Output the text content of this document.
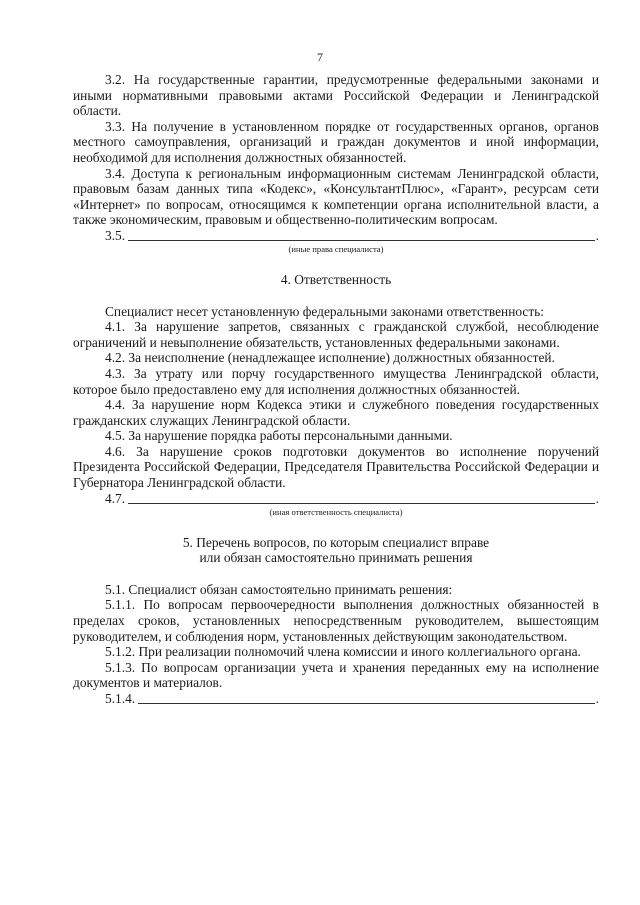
7

3.2. На государственные гарантии, предусмотренные федеральными законами и иными нормативными правовыми актами Российской Федерации и Ленинградской области.

3.3. На получение в установленном порядке от государственных органов, органов местного самоуправления, организаций и граждан документов и иной информации, необходимой для исполнения должностных обязанностей.

3.4. Доступа к региональным информационным системам Ленинградской области, правовым базам данных типа «Кодекс», «КонсультантПлюс», «Гарант», ресурсам сети «Интернет» по вопросам, относящимся к компетенции органа исполнительной власти, а также экономическим, правовым и общественно-политическим вопросам.

3.5.	.

(иные права специалиста)

4. Ответственность

Специалист несет установленную федеральными законами ответственность:

4.1. За нарушение запретов, связанных с гражданской службой, несоблюдение ограничений и невыполнение обязательств, установленных федеральными законами.

4.2. За неисполнение (ненадлежащее исполнение) должностных обязанностей.

4.3. За утрату или порчу государственного имущества Ленинградской области, которое было предоставлено ему для исполнения должностных обязанностей.

4.4. За нарушение норм Кодекса этики и служебного поведения государственных гражданских служащих Ленинградской области.

4.5. За нарушение порядка работы персональными данными.

4.6. За нарушение сроков подготовки документов во исполнение поручений Президента Российской Федерации, Председателя Правительства Российской Федерации и Губернатора Ленинградской области.

4.7.	.

(иная ответственность специалиста)

5. Перечень вопросов, по которым специалист вправе

или обязан самостоятельно принимать решения

5.1. Специалист обязан самостоятельно принимать решения:

5.1.1. По вопросам первоочередности выполнения должностных обязанностей в пределах сроков, установленных непосредственным руководителем, вышестоящим руководителем, и соблюдения норм, установленных действующим законодательством.

5.1.2. При реализации полномочий члена комиссии и иного коллегиального органа.

5.1.3. По вопросам организации учета и хранения переданных ему на исполнение документов и материалов.

5.1.4.	.
